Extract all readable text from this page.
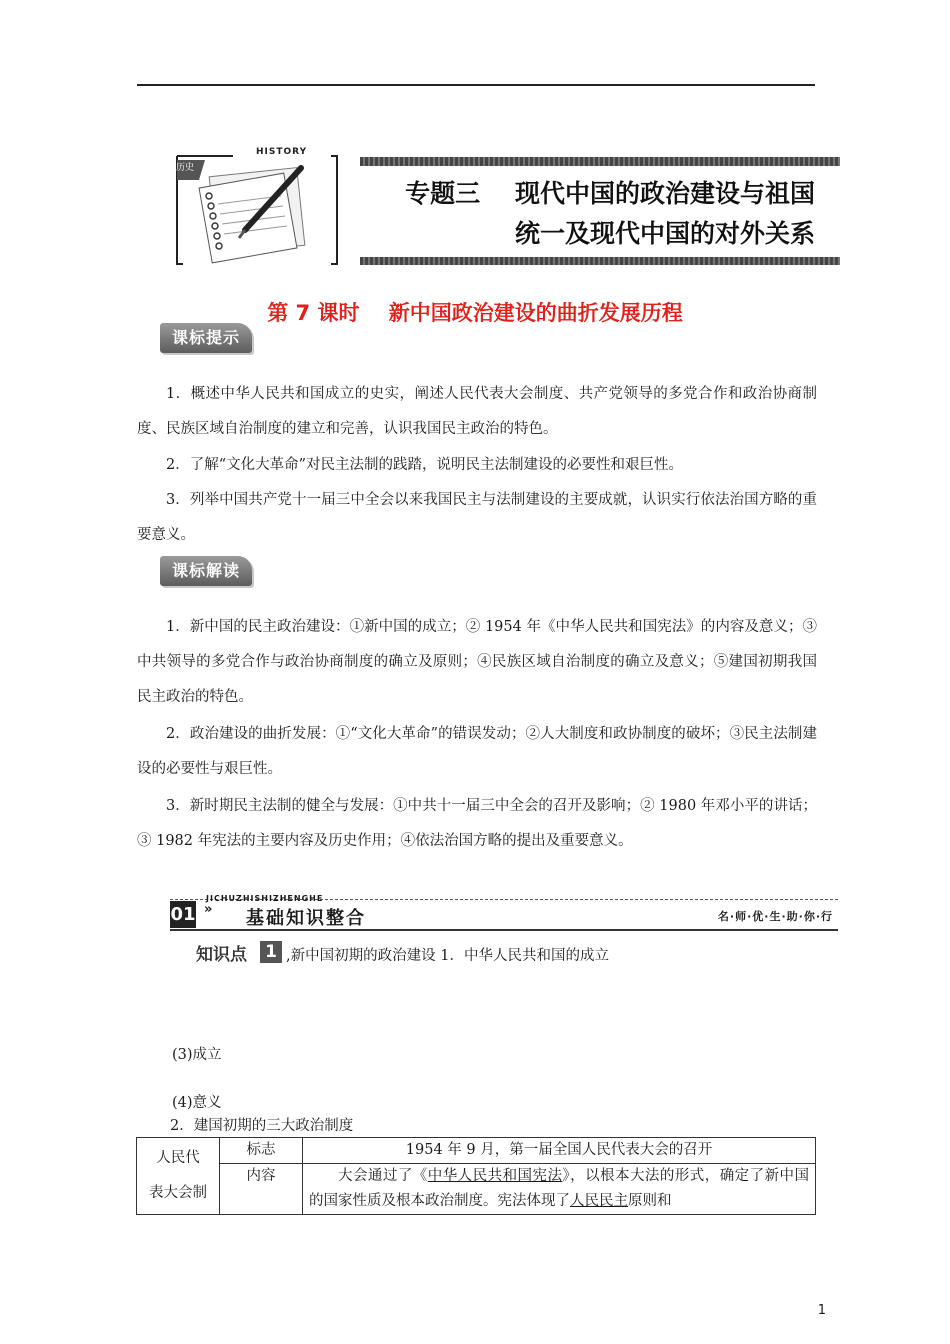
HISTORY
历史
专题三    现代中国的政治建设与祖国
统一及现代中国的对外关系
第 7 课时    新中国政治建设的曲折发展历程
课标提示
1．概述中华人民共和国成立的史实，阐述人民代表大会制度、共产党领导的多党合作和政治协商制度、民族区域自治制度的建立和完善，认识我国民主政治的特色。
2．了解“文化大革命”对民主法制的践踏，说明民主法制建设的必要性和艰巨性。
3．列举中国共产党十一届三中全会以来我国民主与法制建设的主要成就，认识实行依法治国方略的重要意义。
课标解读
1．新中国的民主政治建设：①新中国的成立；② 1954 年《中华人民共和国宪法》的内容及意义；③中共领导的多党合作与政治协商制度的确立及原则；④民族区域自治制度的确立及意义；⑤建国初期我国民主政治的特色。
2．政治建设的曲折发展：①“文化大革命”的错误发动；②人大制度和政协制度的破坏；③民主法制建设的必要性与艰巨性。
3．新时期民主法制的健全与发展：①中共十一届三中全会的召开及影响；② 1980 年邓小平的讲话；③ 1982 年宪法的主要内容及历史作用；④依法治国方略的提出及重要意义。
JICHUZHISHIZHENGHE
01 » 基础知识整合	名·师·优·生·助·你·行
知识点 1 ,新中国初期的政治建设 1．中华人民共和国的成立
(3)成立
(4)意义
2．建国初期的三大政治制度
人民代
表大会制	标志	1954 年 9 月，第一届全国人民代表大会的召开
	内容	大会通过了《中华人民共和国宪法》，以根本大法的形式，确定了新中国的国家性质及根本政治制度。宪法体现了人民民主原则和
1
